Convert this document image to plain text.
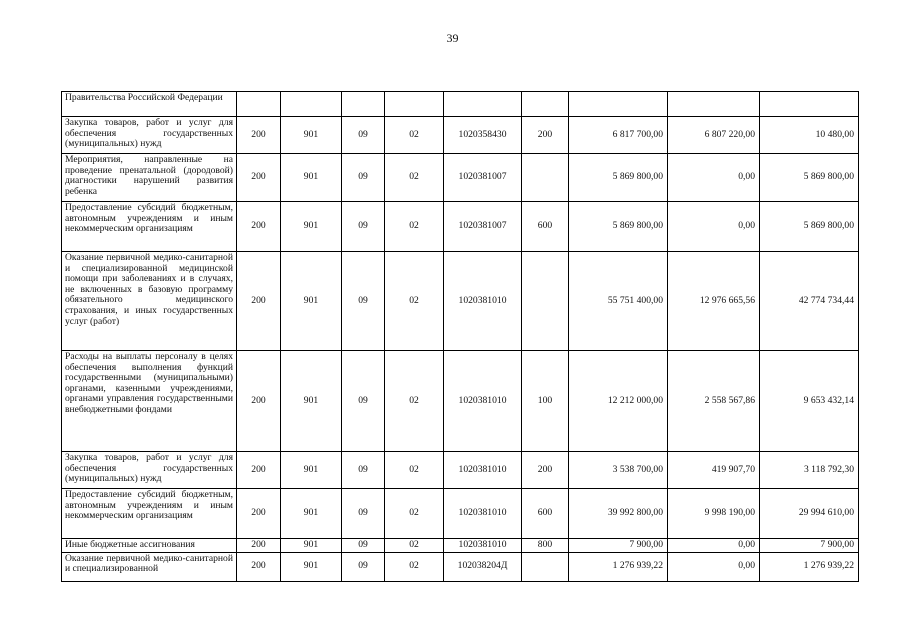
39
Правительства Российской Федерации									
Закупка товаров, работ и услуг для обеспечения государственных (муниципальных) нужд	200	901	09	02	1020358430	200	6 817 700,00	6 807 220,00	10 480,00
Мероприятия, направленные на проведение пренатальной (дородовой) диагностики нарушений развития ребенка	200	901	09	02	1020381007		5 869 800,00	0,00	5 869 800,00
Предоставление субсидий бюджетным, автономным учреждениям и иным некоммерческим организациям	200	901	09	02	1020381007	600	5 869 800,00	0,00	5 869 800,00
Оказание первичной медико-санитарной и специализированной медицинской помощи при заболеваниях и в случаях, не включенных в базовую программу обязательного медицинского страхования, и иных государственных услуг (работ)	200	901	09	02	1020381010		55 751 400,00	12 976 665,56	42 774 734,44
Расходы на выплаты персоналу в целях обеспечения выполнения функций государственными (муниципальными) органами, казенными учреждениями, органами управления государственными внебюджетными фондами	200	901	09	02	1020381010	100	12 212 000,00	2 558 567,86	9 653 432,14
Закупка товаров, работ и услуг для обеспечения государственных (муниципальных) нужд	200	901	09	02	1020381010	200	3 538 700,00	419 907,70	3 118 792,30
Предоставление субсидий бюджетным, автономным учреждениям и иным некоммерческим организациям	200	901	09	02	1020381010	600	39 992 800,00	9 998 190,00	29 994 610,00
Иные бюджетные ассигнования	200	901	09	02	1020381010	800	7 900,00	0,00	7 900,00
Оказание первичной медико-санитарной и специализированной	200	901	09	02	102038204Д		1 276 939,22	0,00	1 276 939,22
